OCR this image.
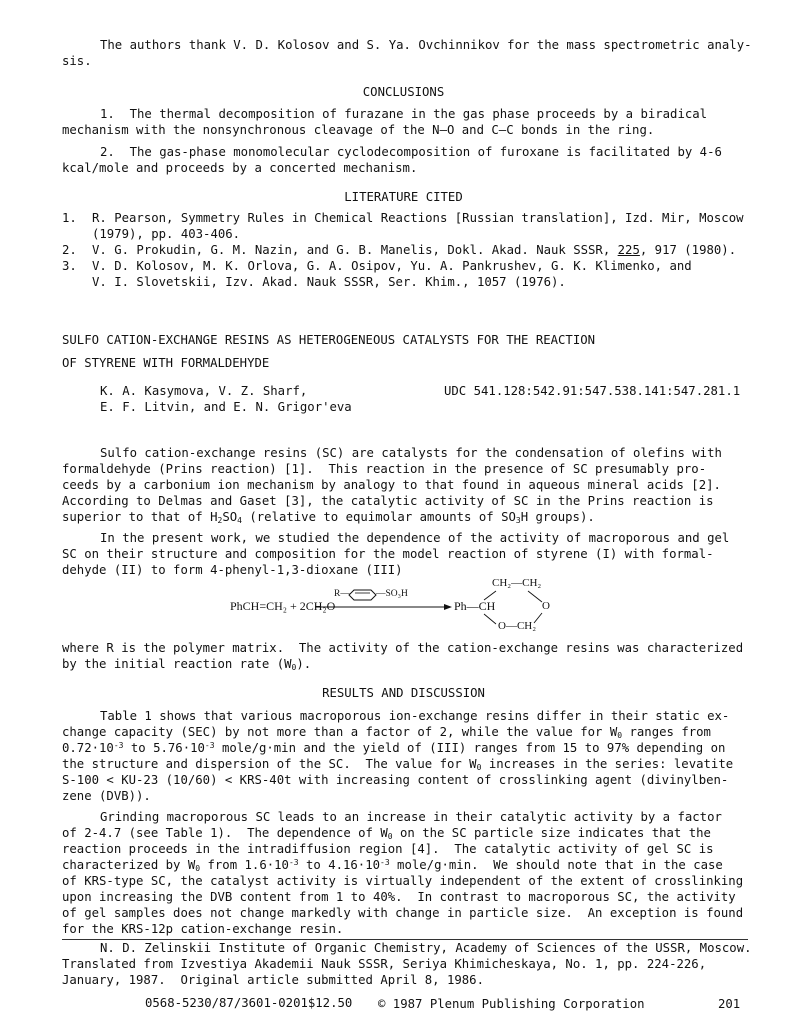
The authors thank V. D. Kolosov and S. Ya. Ovchinnikov for the mass spectrometric analy-
sis.
CONCLUSIONS
1.  The thermal decomposition of furazane in the gas phase proceeds by a biradical
mechanism with the nonsynchronous cleavage of the N—O and C—C bonds in the ring.
2.  The gas-phase monomolecular cyclodecomposition of furoxane is facilitated by 4-6
kcal/mole and proceeds by a concerted mechanism.
LITERATURE CITED
1. R. Pearson, Symmetry Rules in Chemical Reactions [Russian translation], Izd. Mir, Moscow
(1979), pp. 403-406.
2. V. G. Prokudin, G. M. Nazin, and G. B. Manelis, Dokl. Akad. Nauk SSSR, 225, 917 (1980).
3. V. D. Kolosov, M. K. Orlova, G. A. Osipov, Yu. A. Pankrushev, G. K. Klimenko, and
V. I. Slovetskii, Izv. Akad. Nauk SSSR, Ser. Khim., 1057 (1976).
SULFO CATION-EXCHANGE RESINS AS HETEROGENEOUS CATALYSTS FOR THE REACTION
OF STYRENE WITH FORMALDEHYDE
K. A. Kasymova, V. Z. Sharf,
E. F. Litvin, and E. N. Grigor'eva
UDC 541.128:542.91:547.538.141:547.281.1
Sulfo cation-exchange resins (SC) are catalysts for the condensation of olefins with
formaldehyde (Prins reaction) [1].  This reaction in the presence of SC presumably pro-
ceeds by a carbonium ion mechanism by analogy to that found in aqueous mineral acids [2].
According to Delmas and Gaset [3], the catalytic activity of SC in the Prins reaction is
superior to that of $H_2SO_4$ (relative to equimolar amounts of $SO_3H$ groups).
In the present work, we studied the dependence of the activity of macroporous and gel
SC on their structure and composition for the model reaction of styrene (I) with formal-
dehyde (II) to form 4-phenyl-1,3-dioxane (III)
PhCH=CH₂ + 2CH₂O
R—	—SO₃H
Ph—CH
CH₂—CH₂
O
O—CH₂
where R is the polymer matrix.  The activity of the cation-exchange resins was characterized
by the initial reaction rate $(W_0)$.
RESULTS AND DISCUSSION
Table 1 shows that various macroporous ion-exchange resins differ in their static ex-
change capacity (SEC) by not more than a factor of 2, while the value for $W_0$ ranges from
$0.72\cdot 10^{-3}$ to $5.76\cdot 10^{-3}$ mole/g·min and the yield of (III) ranges from 15 to 97% depending on
the structure and dispersion of the SC.  The value for $W_0$ increases in the series: levatite
S-100 < KU-23 (10/60) < KRS-40t with increasing content of crosslinking agent (divinylben-
zene (DVB)).
Grinding macroporous SC leads to an increase in their catalytic activity by a factor
of 2-4.7 (see Table 1).  The dependence of $W_0$ on the SC particle size indicates that the
reaction proceeds in the intradiffusion region [4].  The catalytic activity of gel SC is
characterized by $W_0$ from $1.6\cdot 10^{-3}$ to $4.16\cdot 10^{-3}$ mole/g·min.  We should note that in the case
of KRS-type SC, the catalyst activity is virtually independent of the extent of crosslinking
upon increasing the DVB content from 1 to 40%.  In contrast to macroporous SC, the activity
of gel samples does not change markedly with change in particle size.  An exception is found
for the KRS-12p cation-exchange resin.
N. D. Zelinskii Institute of Organic Chemistry, Academy of Sciences of the USSR, Moscow.
Translated from Izvestiya Akademii Nauk SSSR, Seriya Khimicheskaya, No. 1, pp. 224-226,
January, 1987.  Original article submitted April 8, 1986.
0568-5230/87/3601-0201$12.50 © 1987 Plenum Publishing Corporation	201
